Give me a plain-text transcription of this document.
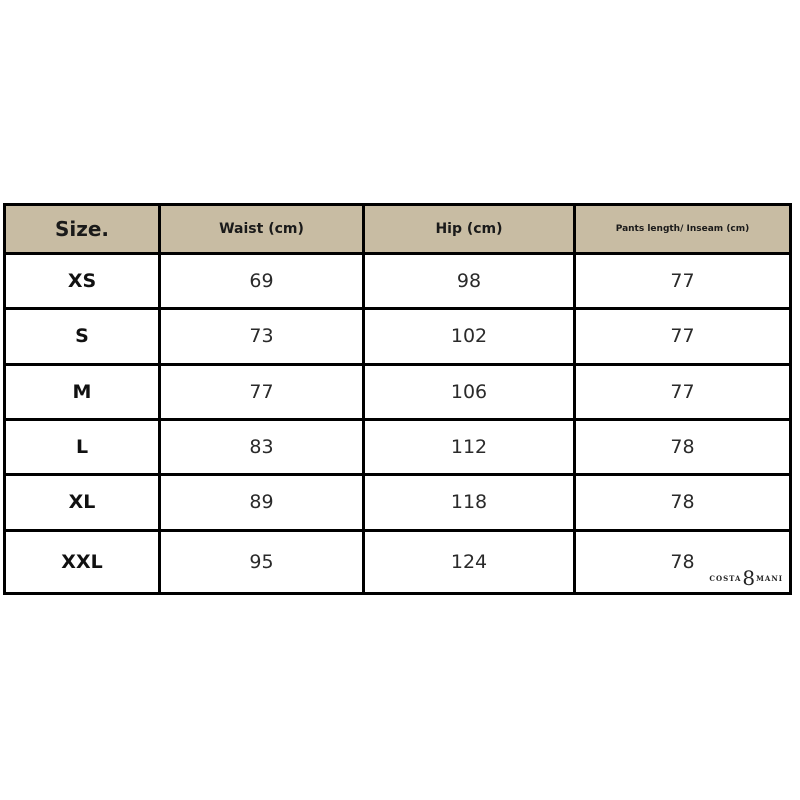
Size.	Waist (cm)	Hip (cm)	Pants length/ Inseam (cm)
XS	69	98	77
S	73	102	77
M	77	106	77
L	83	112	78
XL	89	118	78
XXL	95	124	78
COSTA 8 MANI
